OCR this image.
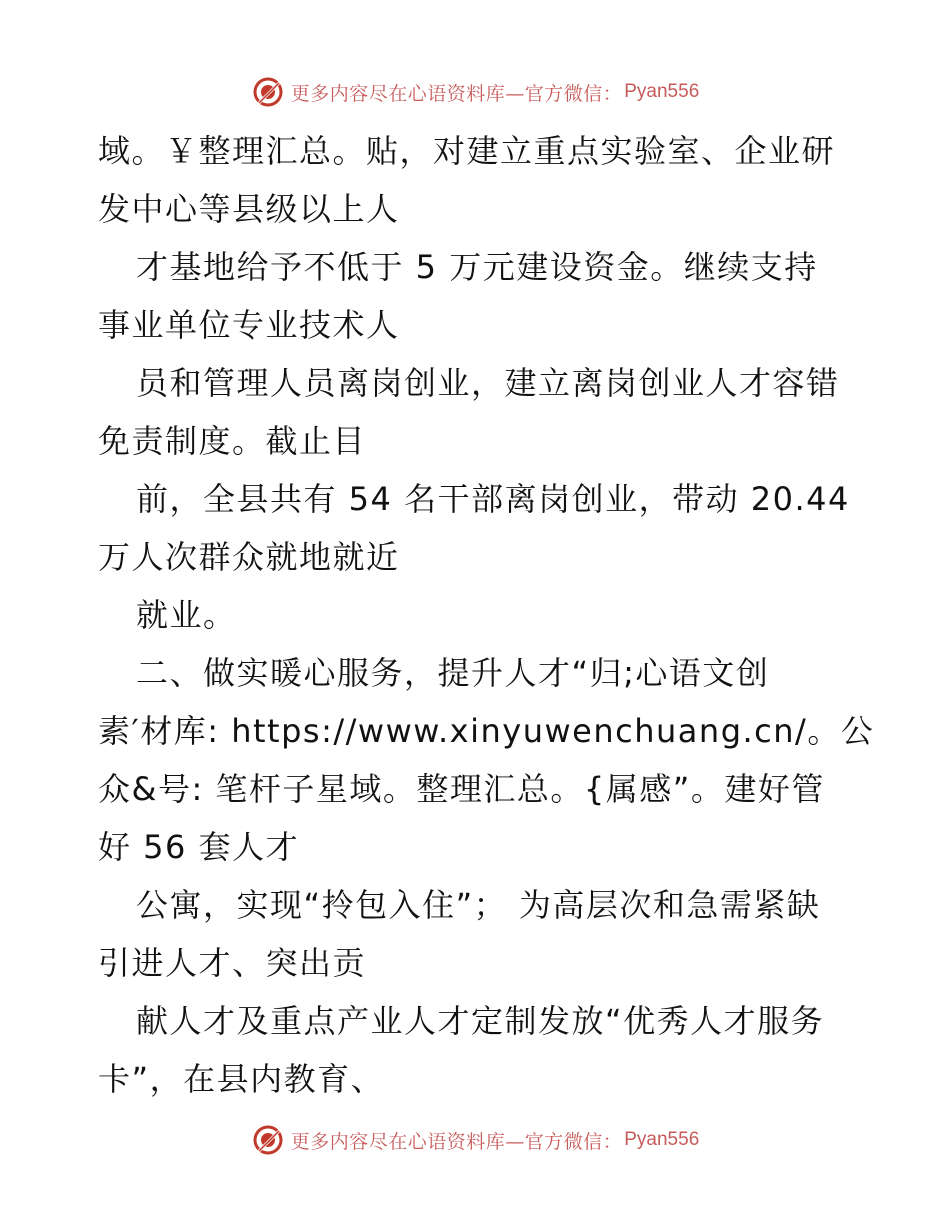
更多内容尽在心语资料库—官方微信： Pyan556
域。￥整理汇总。贴，对建立重点实验室、企业研
发中心等县级以上人
才基地给予不低于 5 万元建设资金。继续支持
事业单位专业技术人
员和管理人员离岗创业，建立离岗创业人才容错
免责制度。截止目
前，全县共有 54 名干部离岗创业，带动 20.44
万人次群众就地就近
就业。
二、做实暖心服务，提升人才“归;心语文创
素′材库: https://www.xinyuwenchuang.cn/。公
众&号: 笔杆子星域。整理汇总。{属感”。建好管
好 56 套人才
公寓，实现“拎包入住”； 为高层次和急需紧缺
引进人才、突出贡
献人才及重点产业人才定制发放“优秀人才服务
卡”，在县内教育、
更多内容尽在心语资料库—官方微信： Pyan556
